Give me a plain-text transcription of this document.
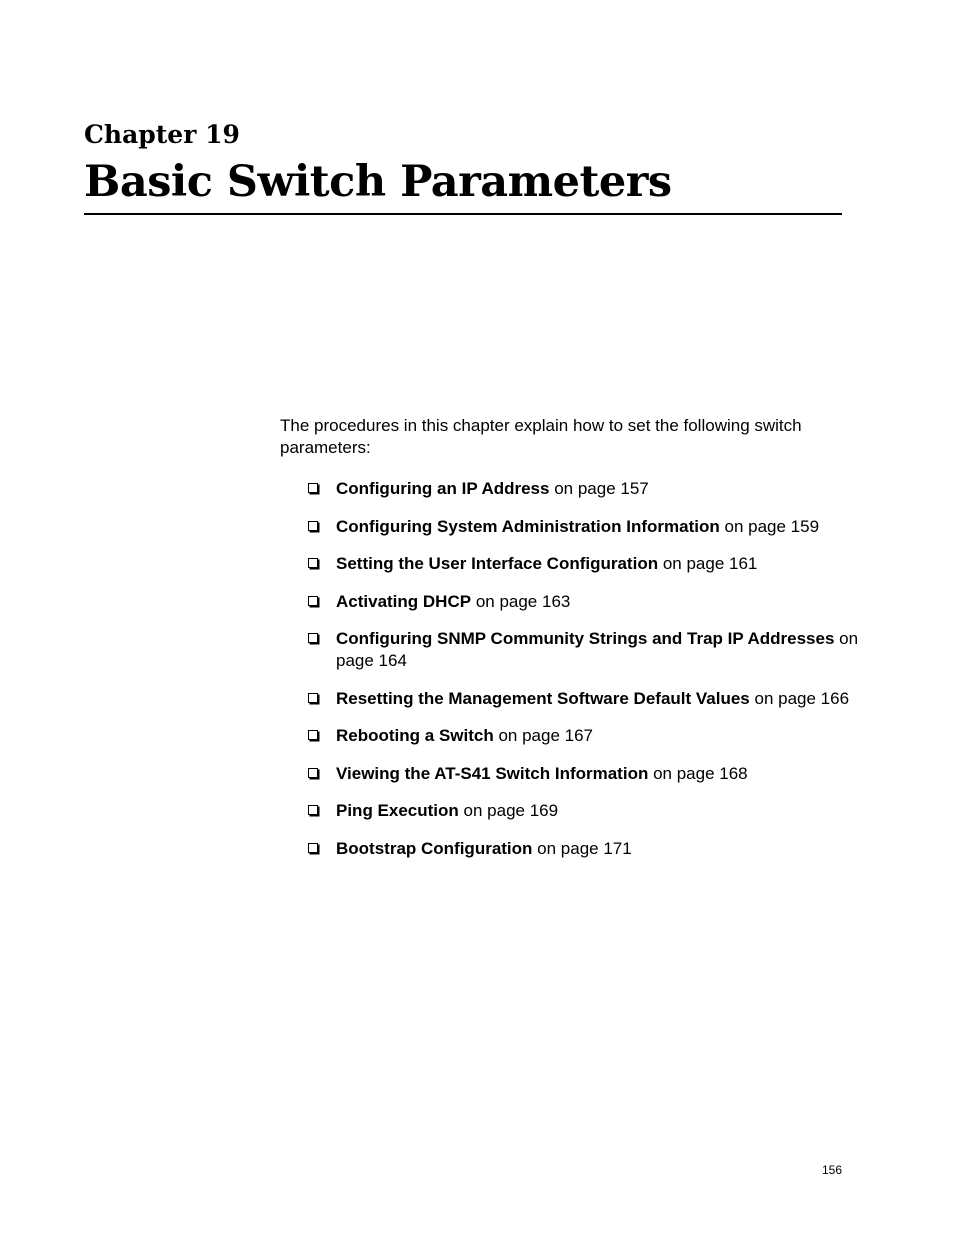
Chapter 19
Basic Switch Parameters

The procedures in this chapter explain how to set the following switch parameters:

Configuring an IP Address on page 157
Configuring System Administration Information on page 159
Setting the User Interface Configuration on page 161
Activating DHCP on page 163
Configuring SNMP Community Strings and Trap IP Addresses on page 164
Resetting the Management Software Default Values on page 166
Rebooting a Switch on page 167
Viewing the AT-S41 Switch Information on page 168
Ping Execution on page 169
Bootstrap Configuration on page 171

156
